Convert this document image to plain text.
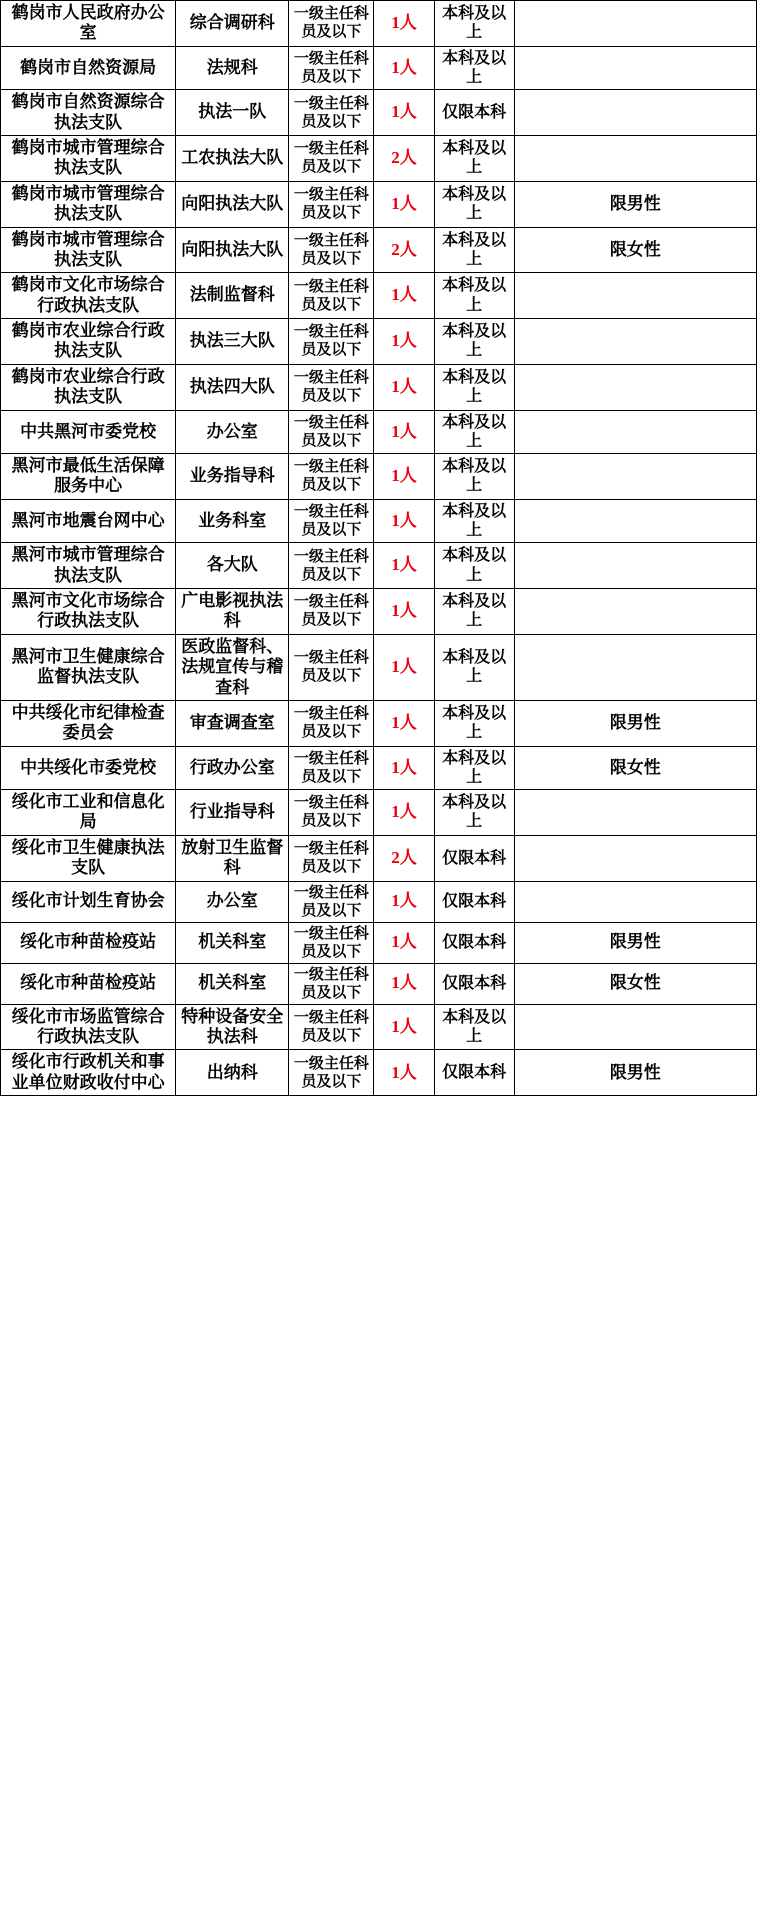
鹤岗市人民政府办公室	综合调研科	一级主任科员及以下	1人	本科及以上	
鹤岗市自然资源局	法规科	一级主任科员及以下	1人	本科及以上	
鹤岗市自然资源综合执法支队	执法一队	一级主任科员及以下	1人	仅限本科	
鹤岗市城市管理综合执法支队	工农执法大队	一级主任科员及以下	2人	本科及以上	
鹤岗市城市管理综合执法支队	向阳执法大队	一级主任科员及以下	1人	本科及以上	限男性
鹤岗市城市管理综合执法支队	向阳执法大队	一级主任科员及以下	2人	本科及以上	限女性
鹤岗市文化市场综合行政执法支队	法制监督科	一级主任科员及以下	1人	本科及以上	
鹤岗市农业综合行政执法支队	执法三大队	一级主任科员及以下	1人	本科及以上	
鹤岗市农业综合行政执法支队	执法四大队	一级主任科员及以下	1人	本科及以上	
中共黑河市委党校	办公室	一级主任科员及以下	1人	本科及以上	
黑河市最低生活保障服务中心	业务指导科	一级主任科员及以下	1人	本科及以上	
黑河市地震台网中心	业务科室	一级主任科员及以下	1人	本科及以上	
黑河市城市管理综合执法支队	各大队	一级主任科员及以下	1人	本科及以上	
黑河市文化市场综合行政执法支队	广电影视执法科	一级主任科员及以下	1人	本科及以上	
黑河市卫生健康综合监督执法支队	医政监督科、法规宣传与稽查科	一级主任科员及以下	1人	本科及以上	
中共绥化市纪律检查委员会	审查调查室	一级主任科员及以下	1人	本科及以上	限男性
中共绥化市委党校	行政办公室	一级主任科员及以下	1人	本科及以上	限女性
绥化市工业和信息化局	行业指导科	一级主任科员及以下	1人	本科及以上	
绥化市卫生健康执法支队	放射卫生监督科	一级主任科员及以下	2人	仅限本科	
绥化市计划生育协会	办公室	一级主任科员及以下	1人	仅限本科	
绥化市种苗检疫站	机关科室	一级主任科员及以下	1人	仅限本科	限男性
绥化市种苗检疫站	机关科室	一级主任科员及以下	1人	仅限本科	限女性
绥化市市场监管综合行政执法支队	特种设备安全执法科	一级主任科员及以下	1人	本科及以上	
绥化市行政机关和事业单位财政收付中心	出纳科	一级主任科员及以下	1人	仅限本科	限男性
